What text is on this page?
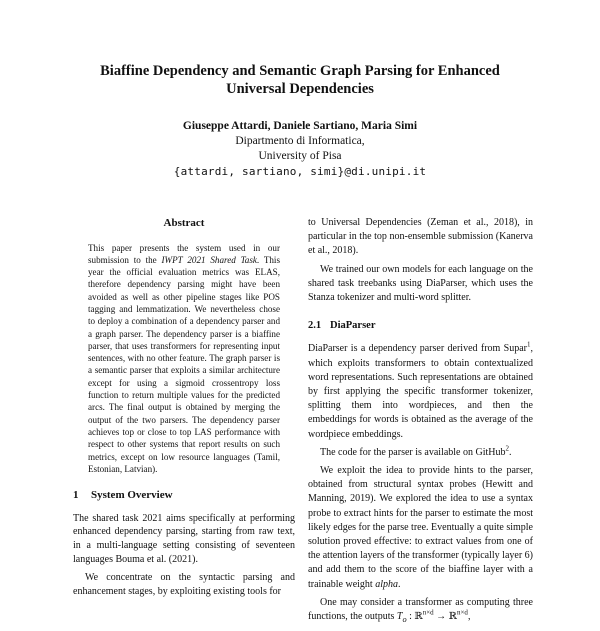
Biaffine Dependency and Semantic Graph Parsing for Enhanced
Universal Dependencies
Giuseppe Attardi, Daniele Sartiano, Maria Simi
Dipartmento di Informatica,
University of Pisa
{attardi, sartiano, simi}@di.unipi.it
Abstract

This paper presents the system used in our submission to the IWPT 2021 Shared Task. This year the official evaluation metrics was ELAS, therefore dependency parsing might have been avoided as well as other pipeline stages like POS tagging and lemmatization. We nevertheless chose to deploy a combination of a dependency parser and a graph parser. The dependency parser is a biaffine parser, that uses transformers for representing input sentences, with no other feature. The graph parser is a semantic parser that exploits a similar architecture except for using a sigmoid crossentropy loss function to return multiple values for the predicted arcs. The final output is obtained by merging the output of the two parsers. The dependency parser achieves top or close to top LAS performance with respect to other systems that report results on such metrics, except on low resource languages (Tamil, Estonian, Latvian).

1 System Overview

The shared task 2021 aims specifically at performing enhanced dependency parsing, starting from raw text, in a multi-language setting consisting of seventeen languages Bouma et al. (2021).

We concentrate on the syntactic parsing and enhancement stages, by exploiting existing tools for

to Universal Dependencies (Zeman et al., 2018), in particular in the top non-ensemble submission (Kanerva et al., 2018).

We trained our own models for each language on the shared task treebanks using DiaParser, which uses the Stanza tokenizer and multi-word splitter.

2.1 DiaParser

DiaParser is a dependency parser derived from Supar$^1$, which exploits transformers to obtain contextualized word representations. Such representations are obtained by first applying the specific transformer tokenizer, splitting them into wordpieces, and then the embeddings for words is obtained as the average of the wordpiece embeddings.

The code for the parser is available on GitHub$^2$.

We exploit the idea to provide hints to the parser, obtained from structural syntax probes (Hewitt and Manning, 2019). We explored the idea to use a syntax probe to extract hints for the parser to estimate the most likely edges for the parse tree. Eventually a quite simple solution proved effective: to extract values from one of the attention layers of the transformer (typically layer 6) and add them to the score of the biaffine layer with a trainable weight alpha.

One may consider a transformer as computing three functions, the outputs $T_o$ : ℝ$^{n\times d}$ → ℝ$^{n\times d}$,
